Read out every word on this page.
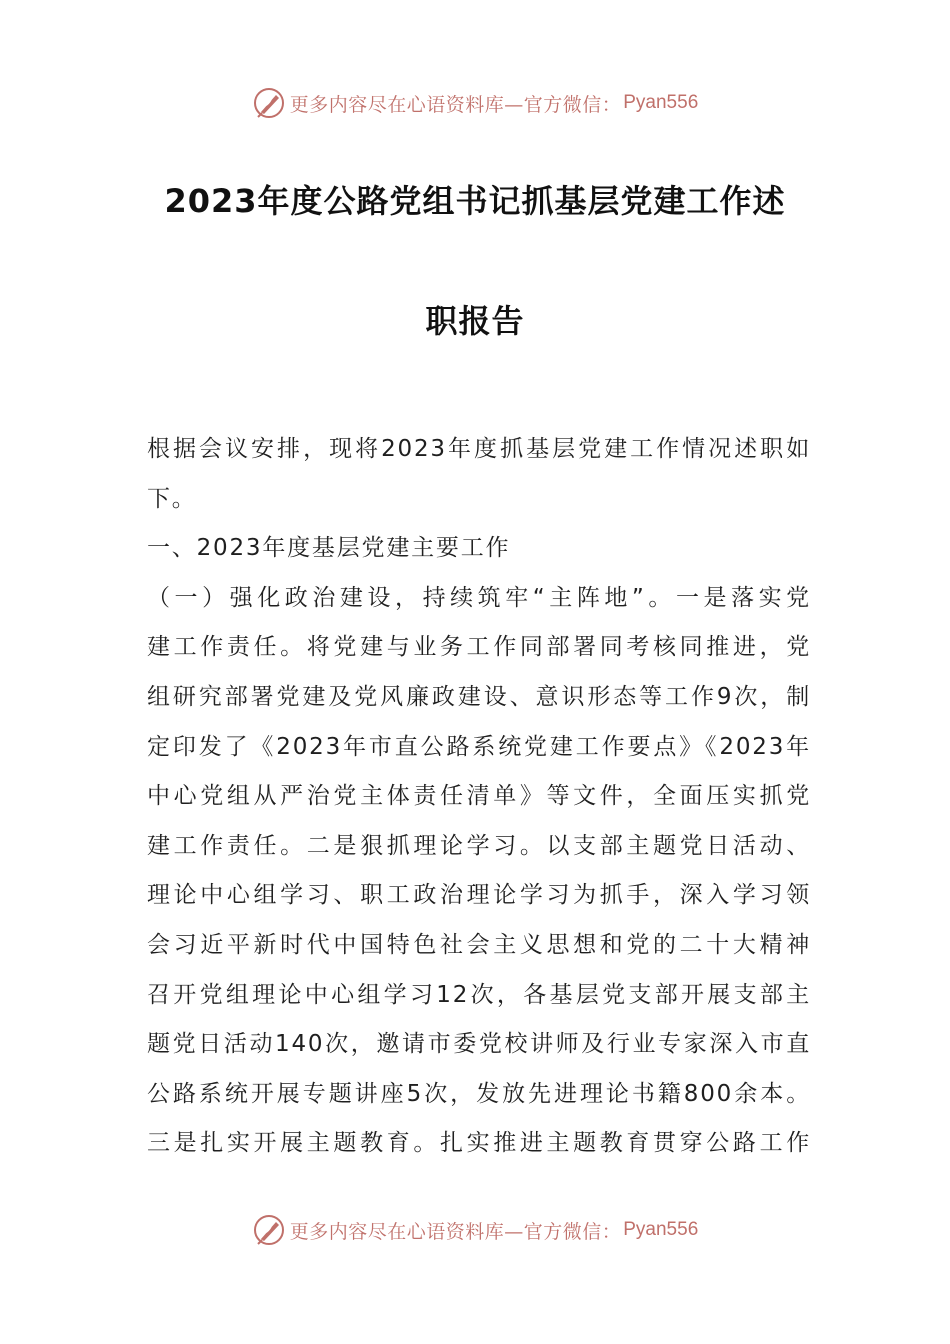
更多内容尽在心语资料库—官方微信： Pyan556
2023年度公路党组书记抓基层党建工作述
职报告
根据会议安排，现将2023年度抓基层党建工作情况述职如
下。
一、2023年度基层党建主要工作
（一）强化政治建设，持续筑牢“主阵地”。一是落实党
建工作责任。将党建与业务工作同部署同考核同推进，党
组研究部署党建及党风廉政建设、意识形态等工作9次，制
定印发了《2023年市直公路系统党建工作要点》《2023年
中心党组从严治党主体责任清单》等文件，全面压实抓党
建工作责任。二是狠抓理论学习。以支部主题党日活动、
理论中心组学习、职工政治理论学习为抓手，深入学习领
会习近平新时代中国特色社会主义思想和党的二十大精神
召开党组理论中心组学习12次，各基层党支部开展支部主
题党日活动140次，邀请市委党校讲师及行业专家深入市直
公路系统开展专题讲座5次，发放先进理论书籍800余本。
三是扎实开展主题教育。扎实推进主题教育贯穿公路工作
更多内容尽在心语资料库—官方微信： Pyan556
